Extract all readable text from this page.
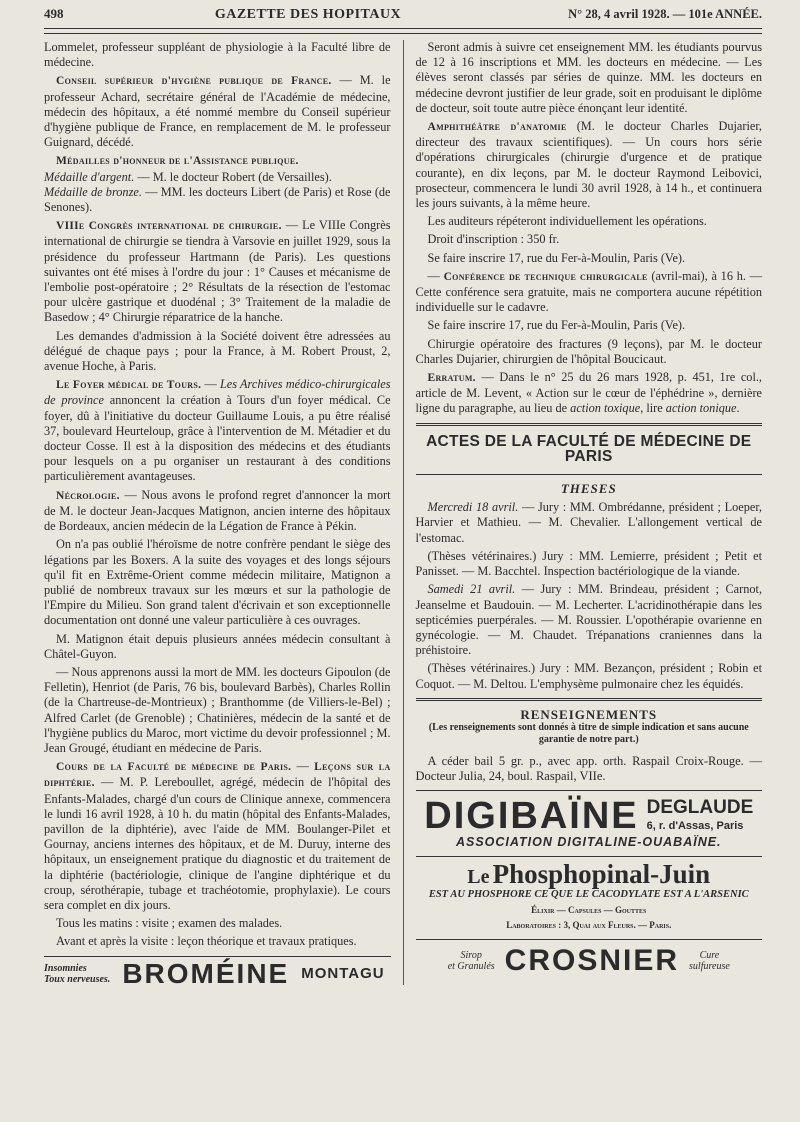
498	GAZETTE DES HOPITAUX	N° 28, 4 avril 1928. — 101e ANNÉE.

Lommelet, professeur suppléant de physiologie à la Faculté libre de médecine.

Conseil supérieur d'hygiène publique de France. — M. le professeur Achard, secrétaire général de l'Académie de médecine, médecin des hôpitaux, a été nommé membre du Conseil supérieur d'hygiène publique de France, en remplacement de M. le professeur Guignard, décédé.

Médailles d'honneur de l'Assistance publique.
Médaille d'argent. — M. le docteur Robert (de Versailles).
Médaille de bronze. — MM. les docteurs Libert (de Paris) et Rose (de Senones).

VIIIe Congrès international de chirurgie. — Le VIIIe Congrès international de chirurgie se tiendra à Varsovie en juillet 1929, sous la présidence du professeur Hartmann (de Paris). Les questions suivantes ont été mises à l'ordre du jour : 1° Causes et mécanisme de l'embolie post-opératoire ; 2° Résultats de la résection de l'estomac pour ulcère gastrique et duodénal ; 3° Traitement de la maladie de Basedow ; 4° Chirurgie réparatrice de la hanche.

Les demandes d'admission à la Société doivent être adressées au délégué de chaque pays ; pour la France, à M. Robert Proust, 2, avenue Hoche, à Paris.

Le Foyer médical de Tours. — Les Archives médico-chirurgicales de province annoncent la création à Tours d'un foyer médical. Ce foyer, dû à l'initiative du docteur Guillaume Louis, a pu être réalisé 37, boulevard Heurteloup, grâce à l'intervention de M. Métadier et du docteur Cosse. Il est à la disposition des médecins et des étudiants pour lesquels on a pu organiser un restaurant à des conditions particulièrement avantageuses.

Nécrologie. — Nous avons le profond regret d'annoncer la mort de M. le docteur Jean-Jacques Matignon, ancien interne des hôpitaux de Bordeaux, ancien médecin de la Légation de France à Pékin.

On n'a pas oublié l'héroïsme de notre confrère pendant le siège des légations par les Boxers. A la suite des voyages et des longs séjours qu'il fit en Extrême-Orient comme médecin militaire, Matignon a publié de nombreux travaux sur les mœurs et sur la pathologie de l'Empire du Milieu. Son grand talent d'écrivain et son exceptionnelle documentation ont donné une valeur particulière à ces ouvrages.

M. Matignon était depuis plusieurs années médecin consultant à Châtel-Guyon.

— Nous apprenons aussi la mort de MM. les docteurs Gipoulon (de Felletin), Henriot (de Paris, 76 bis, boulevard Barbès), Charles Rollin (de la Chartreuse-de-Montrieux) ; Branthomme (de Villiers-le-Bel) ; Alfred Carlet (de Grenoble) ; Chatinières, médecin de la santé et de l'hygiène publics du Maroc, mort victime du devoir professionnel ; M. Jean Grougé, étudiant en médecine de Paris.

Cours de la Faculté de médecine de Paris. — Leçons sur la diphtérie. — M. P. Lereboullet, agrégé, médecin de l'hôpital des Enfants-Malades, chargé d'un cours de Clinique annexe, commencera le lundi 16 avril 1928, à 10 h. du matin (hôpital des Enfants-Malades, pavillon de la diphtérie), avec l'aide de MM. Boulanger-Pilet et Gournay, anciens internes des hôpitaux, et de M. Duruy, interne des hôpitaux, un enseignement pratique du diagnostic et du traitement de la diphtérie (bactériologie, clinique de l'angine diphtérique et du croup, sérothérapie, tubage et trachéotomie, prophylaxie). Le cours sera complet en dix jours.

Tous les matins : visite ; examen des malades.

Avant et après la visite : leçon théorique et travaux pratiques.

Insomnies
Toux nerveuses. BROMÉINE MONTAGU

Seront admis à suivre cet enseignement MM. les étudiants pourvus de 12 à 16 inscriptions et MM. les docteurs en médecine. — Les élèves seront classés par séries de quinze. MM. les docteurs en médecine devront justifier de leur grade, soit en produisant le diplôme de docteur, soit toute autre pièce énonçant leur identité.

Amphithéâtre d'anatomie (M. le docteur Charles Dujarier, directeur des travaux scientifiques). — Un cours hors série d'opérations chirurgicales (chirurgie d'urgence et de pratique courante), en dix leçons, par M. le docteur Raymond Leibovici, prosecteur, commencera le lundi 30 avril 1928, à 14 h., et continuera les jours suivants, à la même heure.

Les auditeurs répéteront individuellement les opérations.

Droit d'inscription : 350 fr.

Se faire inscrire 17, rue du Fer-à-Moulin, Paris (Ve).

— Conférence de technique chirurgicale (avril-mai), à 16 h. — Cette conférence sera gratuite, mais ne comportera aucune répétition individuelle sur le cadavre.

Se faire inscrire 17, rue du Fer-à-Moulin, Paris (Ve).

Chirurgie opératoire des fractures (9 leçons), par M. le docteur Charles Dujarier, chirurgien de l'hôpital Boucicaut.

Erratum. — Dans le n° 25 du 26 mars 1928, p. 451, 1re col., article de M. Levent, « Action sur le cœur de l'éphédrine », dernière ligne du paragraphe, au lieu de action toxique, lire action tonique.

ACTES DE LA FACULTÉ DE MÉDECINE DE PARIS
THESES

Mercredi 18 avril. — Jury : MM. Ombrédanne, président ; Loeper, Harvier et Mathieu. — M. Chevalier. L'allongement vertical de l'estomac.

(Thèses vétérinaires.) Jury : MM. Lemierre, président ; Petit et Panisset. — M. Bacchtel. Inspection bactériologique de la viande.

Samedi 21 avril. — Jury : MM. Brindeau, président ; Carnot, Jeanselme et Baudouin. — M. Lecherter. L'acridinothérapie dans les septicémies puerpérales. — M. Roussier. L'opothérapie ovarienne en gynécologie. — M. Chaudet. Trépanations craniennes dans la préhistoire.

(Thèses vétérinaires.) Jury : MM. Bezançon, président ; Robin et Coquot. — M. Deltou. L'emphysème pulmonaire chez les équidés.

RENSEIGNEMENTS
(Les renseignements sont donnés à titre de simple indication et sans aucune garantie de notre part.)

A céder bail 5 gr. p., avec app. orth. Raspail Croix-Rouge. — Docteur Julia, 24, boul. Raspail, VIIe.

DIGIBAÏNE DEGLAUDE
6, r. d'Assas, Paris
ASSOCIATION DIGITALINE-OUABAÏNE.
Le Phosphopinal-Juin
EST AU PHOSPHORE CE QUE LE CACODYLATE EST A L'ARSENIC
Élixir — Capsules — Gouttes
Laboratoires : 3, Quai aux Fleurs. — Paris.
Sirop
et Granulés CROSNIER	Cure
sulfureuse
